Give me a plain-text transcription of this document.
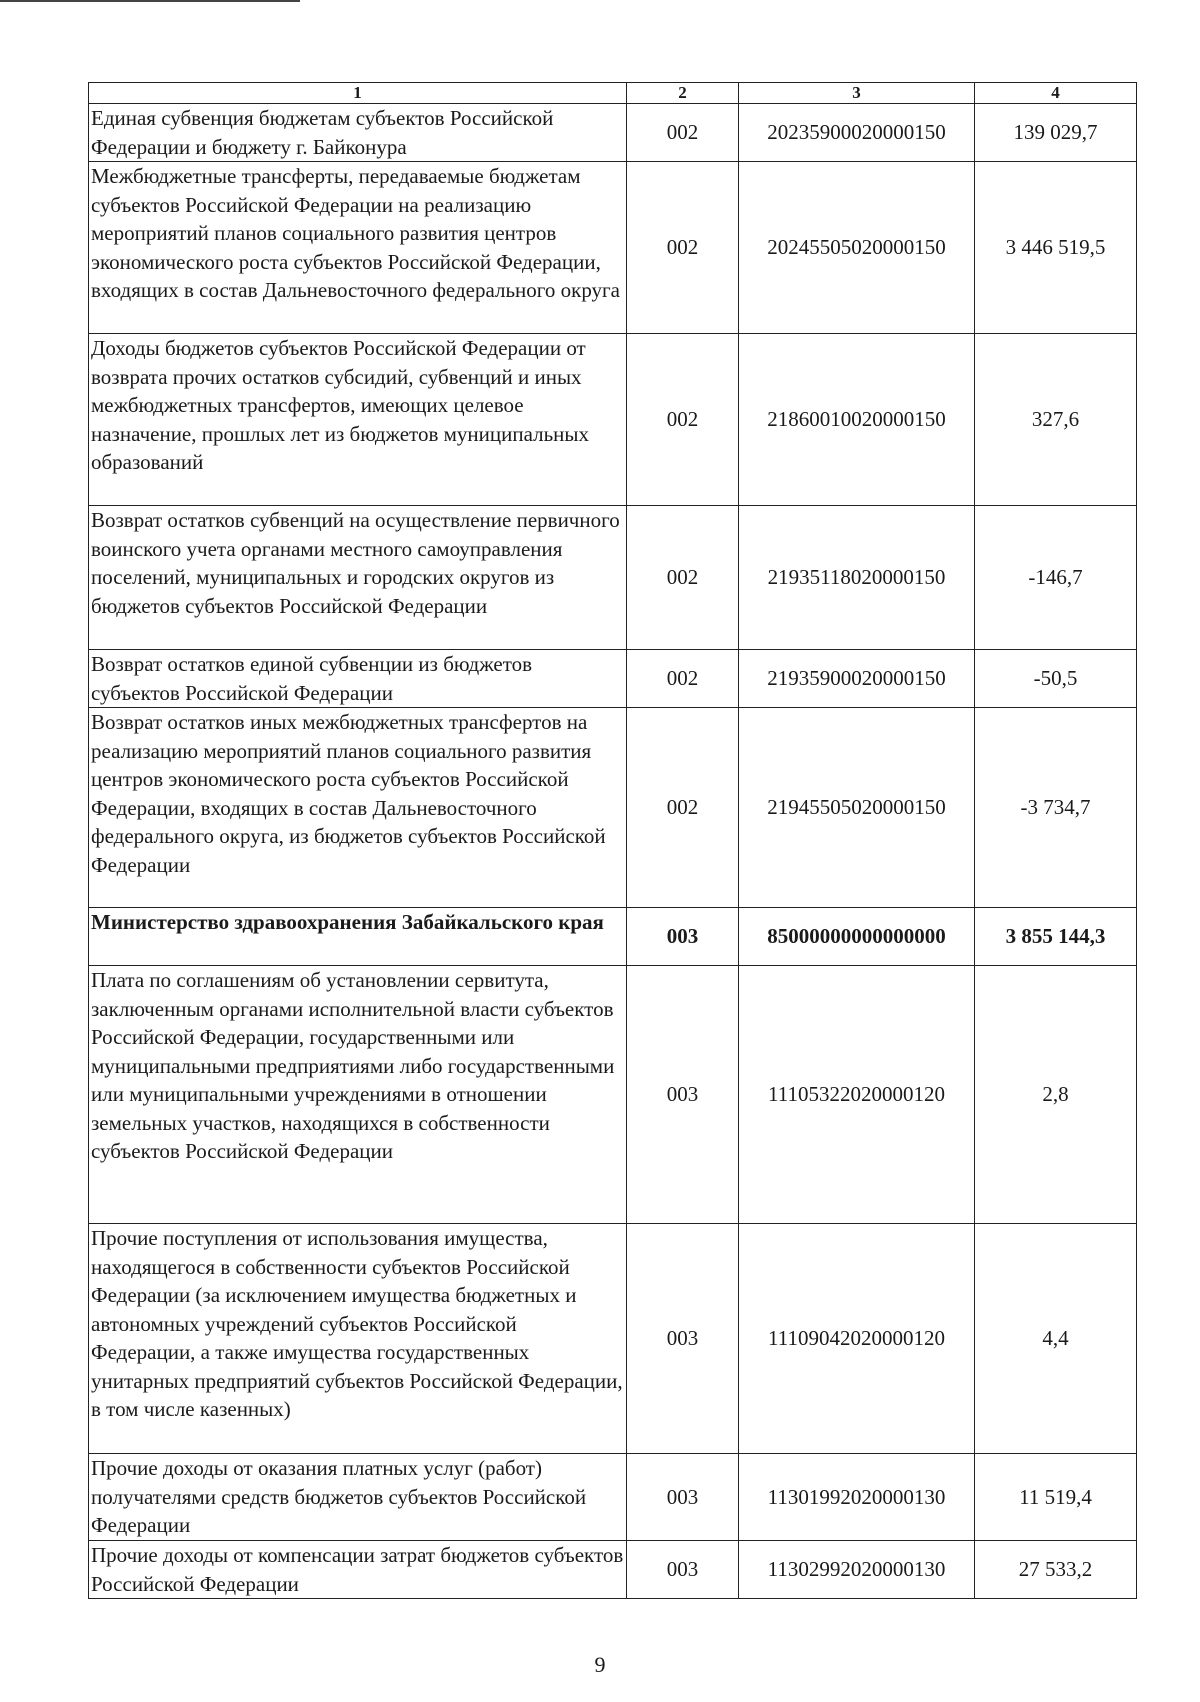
1	2	3	4
Единая субвенция бюджетам субъектов Российской Федерации и бюджету г. Байконура	002	20235900020000150	139 029,7
Межбюджетные трансферты, передаваемые бюджетам субъектов Российской Федерации на реализацию мероприятий планов социального развития центров экономического роста субъектов Российской Федерации, входящих в состав Дальневосточного федерального округа	002	20245505020000150	3 446 519,5
Доходы бюджетов субъектов Российской Федерации от возврата прочих остатков субсидий, субвенций и иных межбюджетных трансфертов, имеющих целевое назначение, прошлых лет из бюджетов муниципальных образований	002	21860010020000150	327,6
Возврат остатков субвенций на осуществление первичного воинского учета органами местного самоуправления поселений, муниципальных и городских округов из бюджетов субъектов Российской Федерации	002	21935118020000150	-146,7
Возврат остатков единой субвенции из бюджетов субъектов Российской Федерации	002	21935900020000150	-50,5
Возврат остатков иных межбюджетных трансфертов на реализацию мероприятий планов социального развития центров экономического роста субъектов Российской Федерации, входящих в состав Дальневосточного федерального округа, из бюджетов субъектов Российской Федерации	002	21945505020000150	-3 734,7
Министерство здравоохранения Забайкальского края	003	85000000000000000	3 855 144,3
Плата по соглашениям об установлении сервитута, заключенным органами исполнительной власти субъектов Российской Федерации, государственными или муниципальными предприятиями либо государственными или муниципальными учреждениями в отношении земельных участков, находящихся в собственности субъектов Российской Федерации	003	11105322020000120	2,8
Прочие поступления от использования имущества, находящегося в собственности субъектов Российской Федерации (за исключением имущества бюджетных и автономных учреждений субъектов Российской Федерации, а также имущества государственных унитарных предприятий субъектов Российской Федерации, в том числе казенных)	003	11109042020000120	4,4
Прочие доходы от оказания платных услуг (работ) получателями средств бюджетов субъектов Российской Федерации	003	11301992020000130	11 519,4
Прочие доходы от компенсации затрат бюджетов субъектов Российской Федерации	003	11302992020000130	27 533,2
9
